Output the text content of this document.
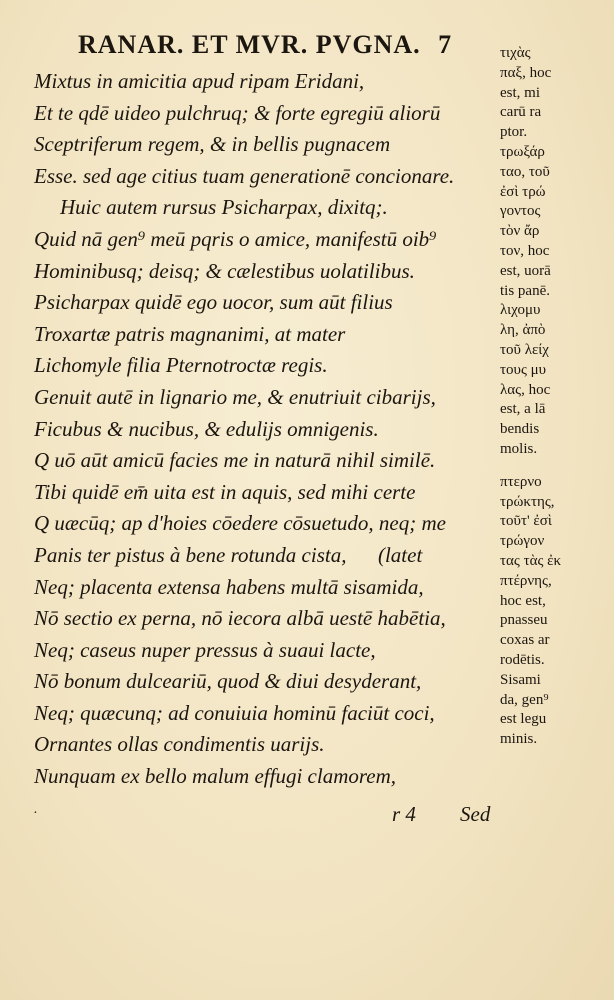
RANAR. ET MVR. PVGNA. 7
Mixtus in amicitia apud ripam Eridani,
Et te qdē uideo pulchruq; & forte egregiū aliorū
Sceptriferum regem, & in bellis pugnacem
Esse. sed age citius tuam generationē concionare.
Huic autem rursus Psicharpax, dixitq;.
Quid nā gen⁹ meū pqris o amice, manifestū oib⁹
Hominibusq; deisq; & cælestibus uolatilibus.
Psicharpax quidē ego uocor, sum aūt filius
Troxartæ patris magnanimi, at mater
Lichomyle filia Pternotroctæ regis.
Genuit autē in lignario me, & enutriuit cibarijs,
Ficubus & nucibus, & edulijs omnigenis.
Q uō aūt amicū facies me in naturā nihil similē.
Tibi quidē em̄ uita est in aquis, sed mihi certe
Q uæcūq; ap d'hoies cōedere cōsuetudo, neq; me
Panis ter pistus à bene rotunda cista,      (latet
Neq; placenta extensa habens multā sisamida,
Nō sectio ex perna, nō iecora albā uestē habētia,
Neq; caseus nuper pressus à suaui lacte,
Nō bonum dulceariū, quod & diui desyderant,
Neq; quæcunq; ad conuiuia hominū faciūt coci,
Ornantes ollas condimentis uarijs.
Nunquam ex bello malum effugi clamorem,
.	r 4 Sed
τιχὰς
παξ, hoc
est, mi
carū ra
ptor.
τρωξάρ
ταο, τοῦ
ἐσὶ τρώ
γοντος
τὸν ἄρ
τον, hoc
est, uorā
tis panē.
λιχομυ
λη, ἀπὸ
τοῦ λείχ
τους μυ
λας, hoc
est, a lā
bendis
molis.
πτερνο
τρώκτης,
τοῦτ' ἐσὶ
τρώγον
τας τὰς ἐκ
πτέρνης,
hoc est,
pnasseu
coxas ar
rodētis.
Sisami
da, gen⁹
est legu
minis.
